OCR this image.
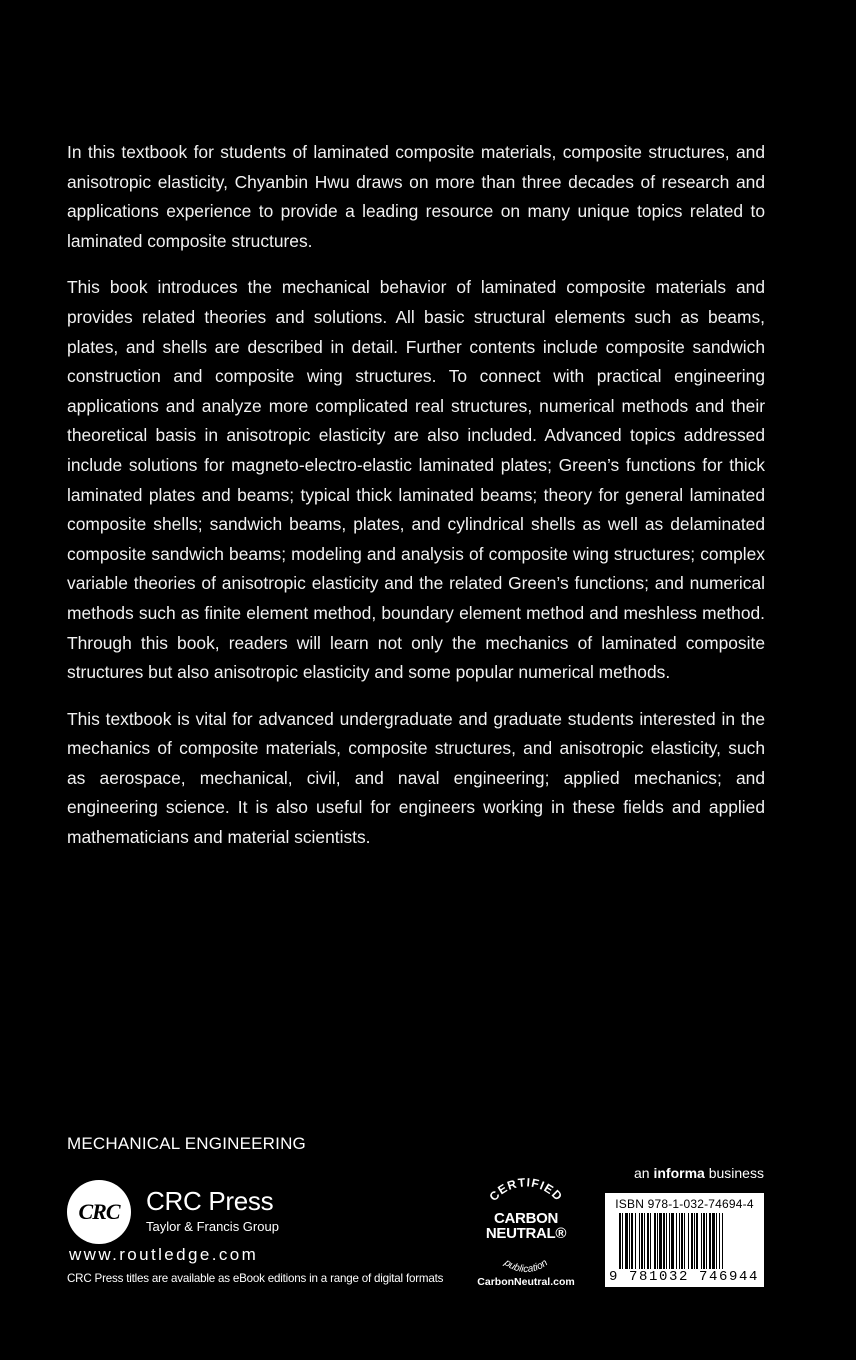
In this textbook for students of laminated composite materials, composite structures, and anisotropic elasticity, Chyanbin Hwu draws on more than three decades of research and applications experience to provide a leading resource on many unique topics related to laminated composite structures.

This book introduces the mechanical behavior of laminated composite materials and provides related theories and solutions. All basic structural elements such as beams, plates, and shells are described in detail. Further contents include composite sandwich construction and composite wing structures. To connect with practical engineering applications and analyze more complicated real structures, numerical methods and their theoretical basis in anisotropic elasticity are also included. Advanced topics addressed include solutions for magneto-electro-elastic laminated plates; Green’s functions for thick laminated plates and beams; typical thick laminated beams; theory for general laminated composite shells; sandwich beams, plates, and cylindrical shells as well as delaminated composite sandwich beams; modeling and analysis of composite wing structures; complex variable theories of anisotropic elasticity and the related Green’s functions; and numerical methods such as finite element method, boundary element method and meshless method. Through this book, readers will learn not only the mechanics of laminated composite structures but also anisotropic elasticity and some popular numerical methods.

This textbook is vital for advanced undergraduate and graduate students interested in the mechanics of composite materials, composite structures, and anisotropic elasticity, such as aerospace, mechanical, civil, and naval engineering; applied mechanics; and engineering science. It is also useful for engineers working in these fields and applied mathematicians and material scientists.

MECHANICAL ENGINEERING
CRC	CRC Press
Taylor & Francis Group
www.routledge.com
CRC Press titles are available as eBook editions in a range of digital formats
CERTIFIED
publication
CARBON
NEUTRAL®
CarbonNeutral.com
an informa business
ISBN 978-1-032-74694-4
9 781032 746944
